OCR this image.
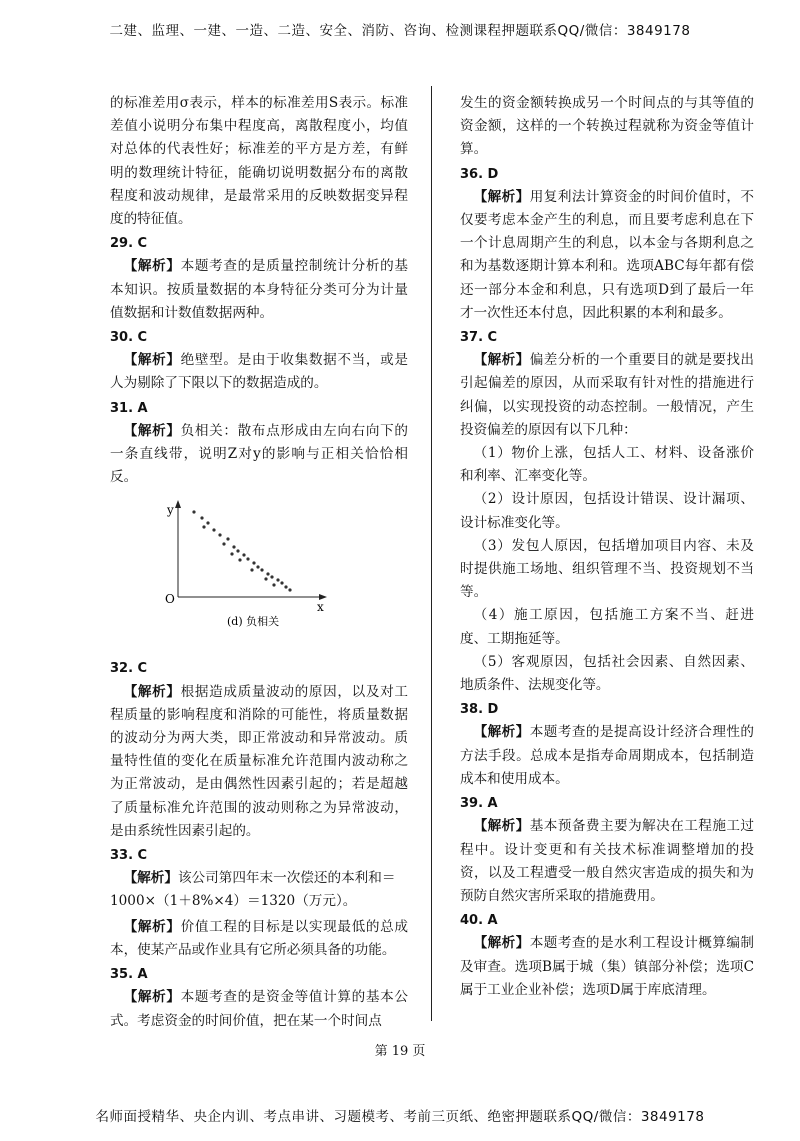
二建、监理、一建、一造、二造、安全、消防、咨询、检测课程押题联系QQ/微信：3849178

的标准差用σ表示，样本的标准差用S表示。标准差值小说明分布集中程度高，离散程度小，均值对总体的代表性好；标准差的平方是方差，有鲜明的数理统计特征，能确切说明数据分布的离散程度和波动规律，是最常采用的反映数据变异程度的特征值。

29. C

【解析】本题考查的是质量控制统计分析的基本知识。按质量数据的本身特征分类可分为计量值数据和计数值数据两种。

30. C

【解析】绝壁型。是由于收集数据不当，或是人为剔除了下限以下的数据造成的。

31. A

【解析】负相关：散布点形成由左向右向下的一条直线带，说明Z对y的影响与正相关恰恰相反。

y
x
O
(d) 负相关
32. C

【解析】根据造成质量波动的原因，以及对工程质量的影响程度和消除的可能性，将质量数据的波动分为两大类，即正常波动和异常波动。质量特性值的变化在质量标准允许范围内波动称之为正常波动，是由偶然性因素引起的；若是超越了质量标准允许范围的波动则称之为异常波动，是由系统性因素引起的。

33. C

【解析】该公司第四年末一次偿还的本利和＝

1000×（1＋8%×4）＝1320（万元）。

【解析】价值工程的目标是以实现最低的总成本，使某产品或作业具有它所必须具备的功能。

35. A

【解析】本题考查的是资金等值计算的基本公式。考虑资金的时间价值，把在某一个时间点

发生的资金额转换成另一个时间点的与其等值的资金额，这样的一个转换过程就称为资金等值计算。

36. D

【解析】用复利法计算资金的时间价值时，不仅要考虑本金产生的利息，而且要考虑利息在下一个计息周期产生的利息，以本金与各期利息之和为基数逐期计算本利和。选项ABC每年都有偿还一部分本金和利息，只有选项D到了最后一年才一次性还本付息，因此积累的本利和最多。

37. C

【解析】偏差分析的一个重要目的就是要找出引起偏差的原因，从而采取有针对性的措施进行纠偏，以实现投资的动态控制。一般情况，产生投资偏差的原因有以下几种：

（1）物价上涨，包括人工、材料、设备涨价和利率、汇率变化等。

（2）设计原因，包括设计错误、设计漏项、设计标准变化等。

（3）发包人原因，包括增加项目内容、未及时提供施工场地、组织管理不当、投资规划不当等。

（4）施工原因，包括施工方案不当、赶进度、工期拖延等。

（5）客观原因，包括社会因素、自然因素、地质条件、法规变化等。

38. D

【解析】本题考查的是提高设计经济合理性的方法手段。总成本是指寿命周期成本，包括制造成本和使用成本。

39. A

【解析】基本预备费主要为解决在工程施工过程中。设计变更和有关技术标准调整增加的投资，以及工程遭受一般自然灾害造成的损失和为预防自然灾害所采取的措施费用。

40. A

【解析】本题考查的是水利工程设计概算编制及审查。选项B属于城（集）镇部分补偿；选项C属于工业企业补偿；选项D属于库底清理。

第 19 页
名师面授精华、央企内训、考点串讲、习题模考、考前三页纸、绝密押题联系QQ/微信：3849178
